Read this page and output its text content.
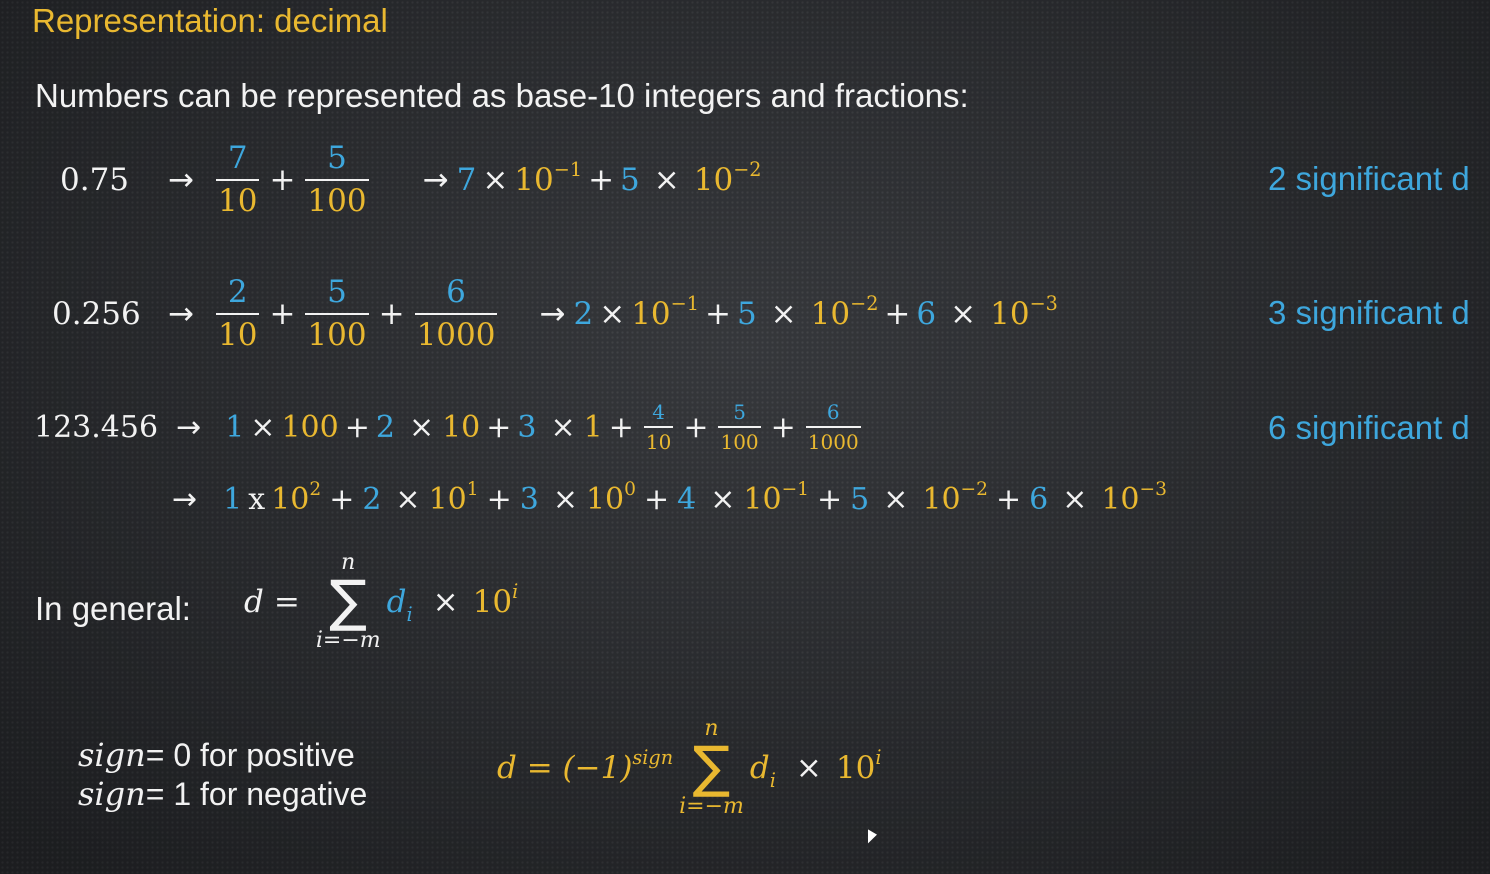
Representation: decimal
Numbers can be represented as base-10 integers and fractions:
0.75	→ $\frac{7}{10} + \frac{5}{100} \to 7 \times 10^{-1} + 5 \times 10^{-2}$	2 significant d
$0.256 \to \frac{2}{10} + \frac{5}{100} + \frac{6}{1000} \to 2 \times 10^{-1} + 5 \times 10^{-2} + 6 \times 10^{-3}$	3 significant d
$123.456 \to 1 \times 100 + 2 \times 10 + 3 \times 1 + \frac{4}{10} + \frac{5}{100} + \frac{6}{1000}$	6 significant d
→ 1 x $10^2 + 2 \times 10^1 + 3 \times 10^0 + 4 \times 10^{-1} + 5 \times 10^{-2} + 6 \times 10^{-3}$
In general: d =
n
∑
i=−m
$d_i \times 10^i$
sign= 0 for positive
sign= 1 for negative
$d = (-1)^{sign}$
n
∑
i=−m
$d_i \times 10^i$
